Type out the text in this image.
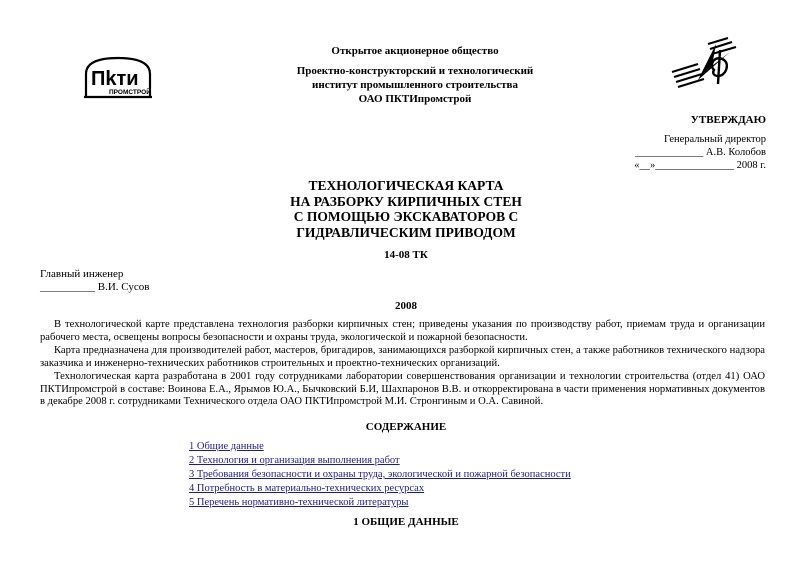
Пkти
ПРОМСТРОЙ
Открытое акционерное общество
Проектно-конструкторский и технологический
институт промышленного строительства
ОАО ПКТИпромстрой
УТВЕРЖДАЮ
Генеральный директор
_____________ А.В. Колобов
«__»_______________ 2008 г.
ТЕХНОЛОГИЧЕСКАЯ КАРТА
НА РАЗБОРКУ КИРПИЧНЫХ СТЕН
С ПОМОЩЬЮ ЭКСКАВАТОРОВ С
ГИДРАВЛИЧЕСКИМ ПРИВОДОМ
14-08 ТК
Главный инженер
__________ В.И. Сусов
2008

В технологической карте представлена технология разборки кирпичных стен; приведены указания по производству работ, приемам труда и организации рабочего места, освещены вопросы безопасности и охраны труда, экологической и пожарной безопасности.

Карта предназначена для производителей работ, мастеров, бригадиров, занимающихся разборкой кирпичных стен, а также работников технического надзора заказчика и инженерно-технических работников строительных и проектно-технических организаций.

Технологическая карта разработана в 2001 году сотрудниками лаборатории совершенствования организации и технологии строительства (отдел 41) ОАО ПКТИпромстрой в составе: Воинова Е.А., Ярымов Ю.А., Бычковский Б.И, Шахпаронов В.В. и откорректирована в части применения нормативных документов в декабре 2008 г. сотрудниками Технического отдела ОАО ПКТИпромстрой М.И. Стронгиным и О.А. Савиной.

СОДЕРЖАНИЕ
1 Общие данные
2 Технология и организация выполнения работ
3 Требования безопасности и охраны труда, экологической и пожарной безопасности
4 Потребность в материально-технических ресурсах
5 Перечень нормативно-технической литературы
1 ОБЩИЕ ДАННЫЕ
